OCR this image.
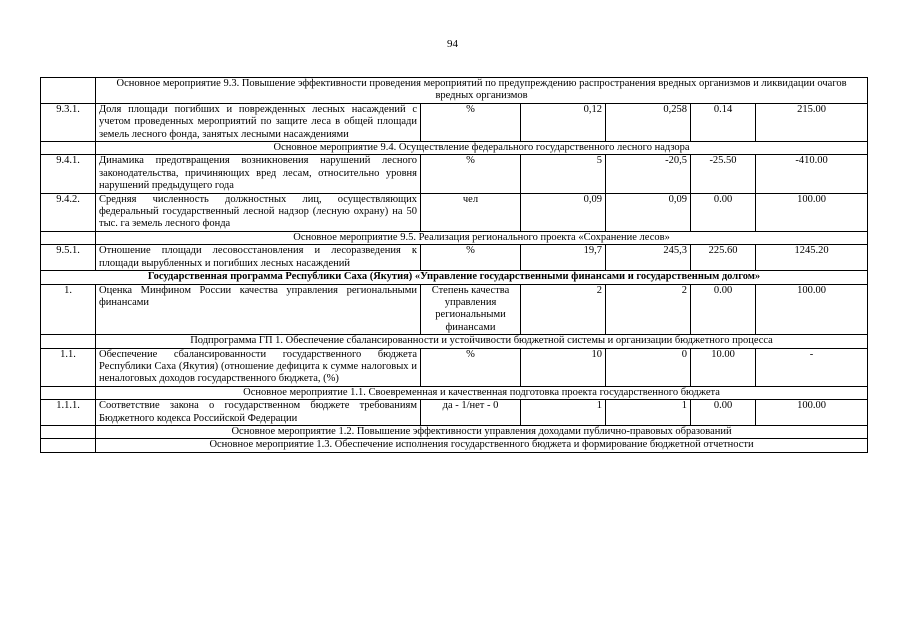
94
	Основное мероприятие 9.3. Повышение эффективности проведения мероприятий по предупреждению распространения вредных организмов и ликвидации очагов вредных организмов					
9.3.1.	Доля площади погибших и поврежденных лесных насаждений с учетом проведенных мероприятий по защите леса в общей площади земель лесного фонда, занятых лесными насаждениями	%	0,12	0,258	0.14	215.00
	Основное мероприятие 9.4. Осуществление федерального государственного лесного надзора					
9.4.1.	Динамика предотвращения возникновения нарушений лесного законодательства, причиняющих вред лесам, относительно уровня нарушений предыдущего года	%	5	-20,5	-25.50	-410.00
9.4.2.	Средняя численность должностных лиц, осуществляющих федеральный государственный лесной надзор (лесную охрану) на 50 тыс. га земель лесного фонда	чел	0,09	0,09	0.00	100.00
	Основное мероприятие 9.5. Реализация регионального проекта «Сохранение лесов»					
9.5.1.	Отношение площади лесовосстановления и лесоразведения к площади вырубленных и погибших лесных насаждений	%	19,7	245,3	225.60	1245.20
Государственная программа Республики Саха (Якутия) «Управление государственными финансами и государственным долгом»						
1.	Оценка Минфином России качества управления региональными финансами	Степень качества управления региональными финансами	2	2	0.00	100.00
	Подпрограмма ГП 1. Обеспечение сбалансированности и устойчивости бюджетной системы и организации бюджетного процесса					
1.1.	Обеспечение сбалансированности государственного бюджета Республики Саха (Якутия) (отношение дефицита к сумме налоговых и неналоговых доходов государственного бюджета, (%)	%	10	0	10.00	-
	Основное мероприятие 1.1. Своевременная и качественная подготовка проекта государственного бюджета					
1.1.1.	Соответствие закона о государственном бюджете требованиям Бюджетного кодекса Российской Федерации	да - 1/нет - 0	1	1	0.00	100.00
	Основное мероприятие 1.2. Повышение эффективности управления доходами публично-правовых образований					
	Основное мероприятие 1.3. Обеспечение исполнения государственного бюджета и формирование бюджетной отчетности					
